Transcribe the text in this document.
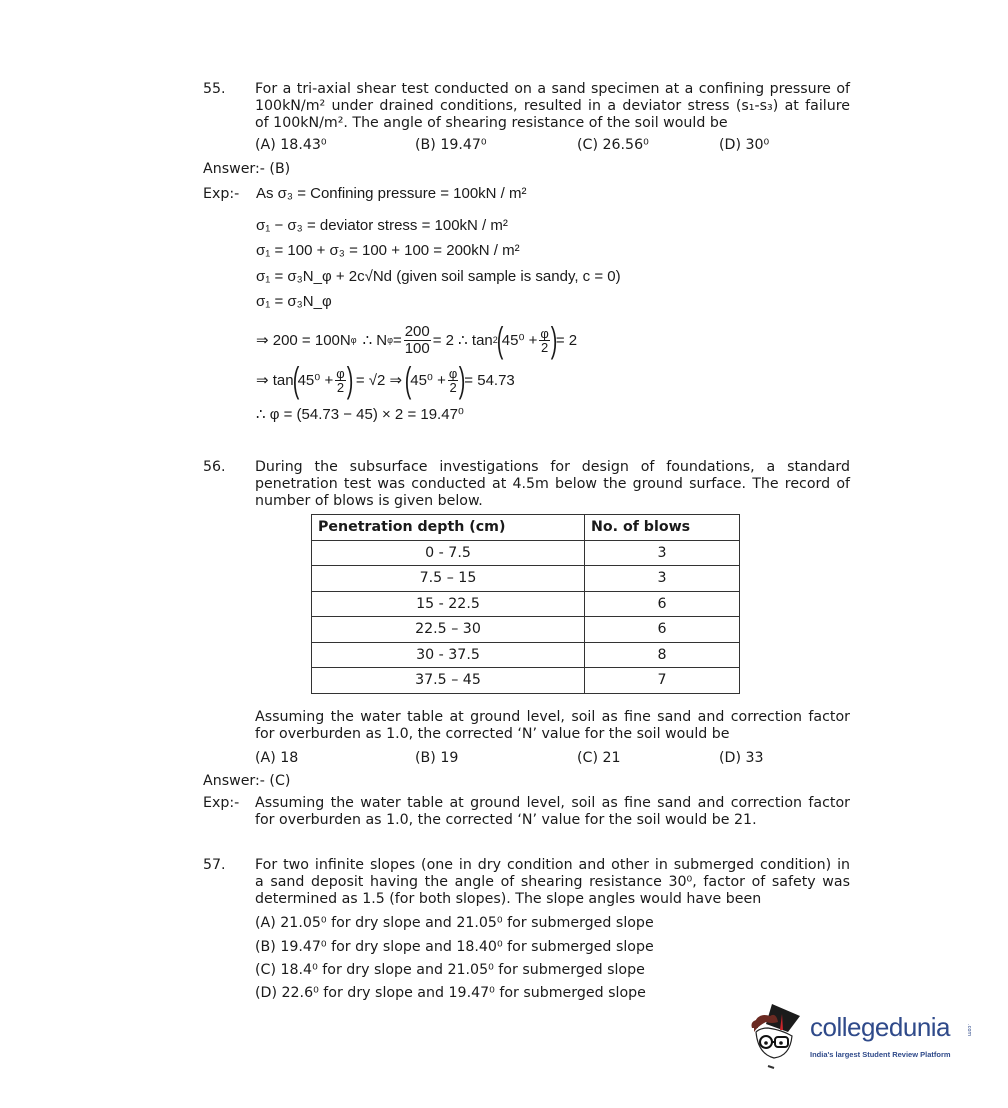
55. For a tri-axial shear test conducted on a sand specimen at a confining pressure of
100kN/m² under drained conditions, resulted in a deviator stress (s₁-s₃) at failure
of 100kN/m². The angle of shearing resistance of the soil would be
(A) 18.43⁰	(B) 19.47⁰	(C) 26.56⁰	(D) 30⁰
Answer:- (B)
Exp:- As σ₃ = Confining pressure = 100kN / m²
σ₁ − σ₃ = deviator stress = 100kN / m²
σ₁ = 100 + σ₃ = 100 + 100 = 200kN / m²
σ₁ = σ₃N_φ + 2c√Nd (given soil sample is sandy, c = 0)
σ₁ = σ₃N_φ
⇒ 200 = 100N φ ∴ N $\varphi = \frac{200}{100} = 2$ ∴ tan 2
(
$45^0 + \frac{\varphi}{2}$ )
= 2
⇒ tan
(
$45^0 + \frac{\varphi}{2}$ )
= √2 ⇒
(
$45^0 + \frac{\varphi}{2}$ )
= 54.73
∴ φ = (54.73 − 45) × 2 = 19.47⁰
56. During the subsurface investigations for design of foundations, a standard
penetration test was conducted at 4.5m below the ground surface. The record of
number of blows is given below.
Penetration depth (cm)	No. of blows
0 - 7.5	3
7.5 – 15	3
15 - 22.5	6
22.5 – 30	6
30 - 37.5	8
37.5 – 45	7
Assuming the water table at ground level, soil as fine sand and correction factor
for overburden as 1.0, the corrected ‘N’ value for the soil would be
(A) 18	(B) 19	(C) 21	(D) 33
Answer:- (C)
Exp:- Assuming the water table at ground level, soil as fine sand and correction factor
for overburden as 1.0, the corrected ‘N’ value for the soil would be 21.
57. For two infinite slopes (one in dry condition and other in submerged condition) in
a sand deposit having the angle of shearing resistance 30⁰, factor of safety was
determined as 1.5 (for both slopes). The slope angles would have been
(A) 21.05⁰ for dry slope and 21.05⁰ for submerged slope
(B) 19.47⁰ for dry slope and 18.40⁰ for submerged slope
(C) 18.4⁰ for dry slope and 21.05⁰ for submerged slope
(D) 22.6⁰ for dry slope and 19.47⁰ for submerged slope
collegedunia	.com
India's largest Student Review Platform
